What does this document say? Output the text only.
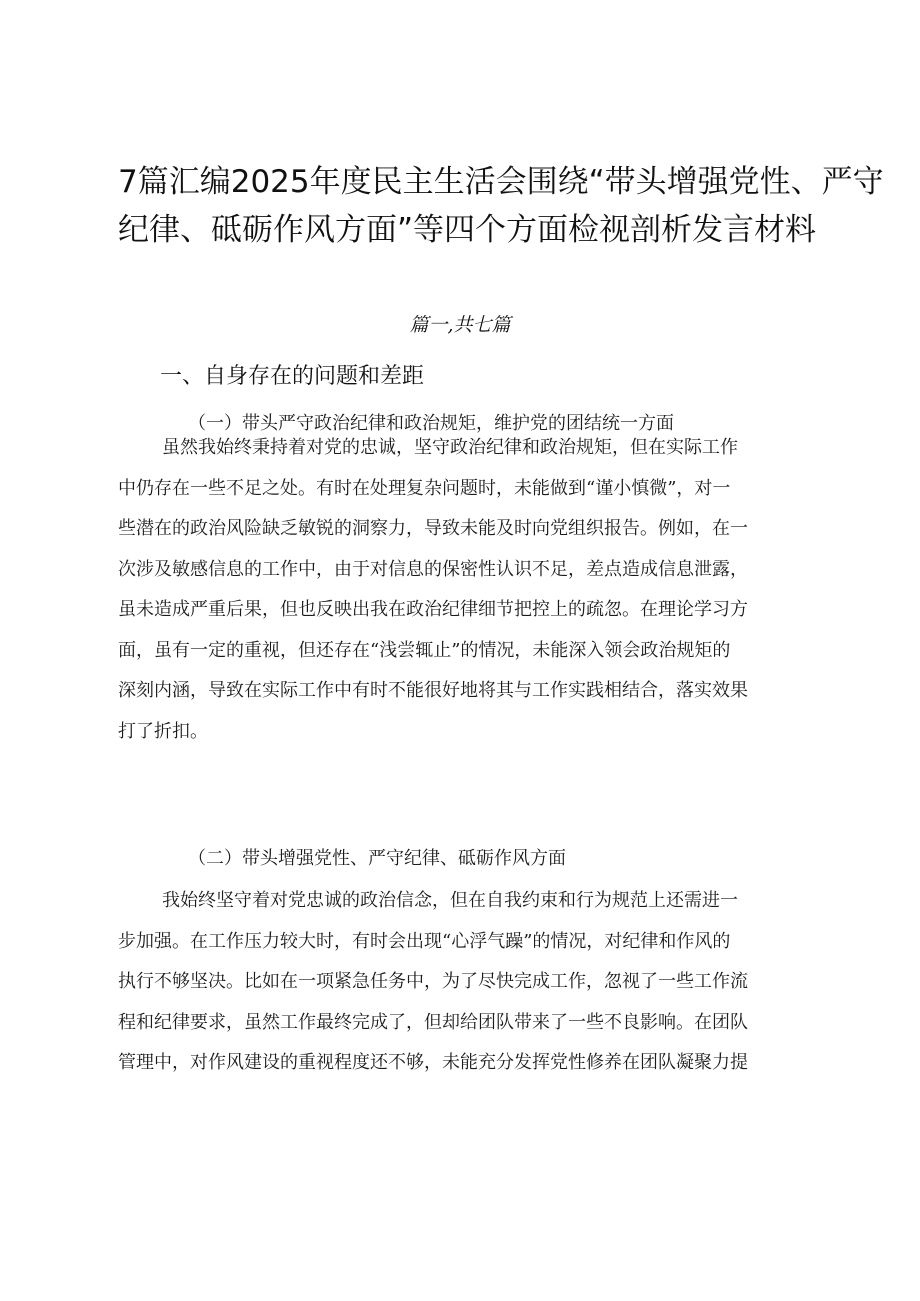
7篇汇编2025年度民主生活会围绕“带头增强党性、严守
纪律、砥砺作风方面”等四个方面检视剖析发言材料
篇一,共七篇
一、自身存在的问题和差距
（一）带头严守政治纪律和政治规矩，维护党的团结统一方面
虽然我始终秉持着对党的忠诚，坚守政治纪律和政治规矩，但在实际工作
中仍存在一些不足之处。有时在处理复杂问题时，未能做到“谨小慎微”，对一
些潜在的政治风险缺乏敏锐的洞察力，导致未能及时向党组织报告。例如，在一
次涉及敏感信息的工作中，由于对信息的保密性认识不足，差点造成信息泄露，
虽未造成严重后果，但也反映出我在政治纪律细节把控上的疏忽。在理论学习方
面，虽有一定的重视，但还存在“浅尝辄止”的情况，未能深入领会政治规矩的
深刻内涵，导致在实际工作中有时不能很好地将其与工作实践相结合，落实效果
打了折扣。
（二）带头增强党性、严守纪律、砥砺作风方面
我始终坚守着对党忠诚的政治信念，但在自我约束和行为规范上还需进一
步加强。在工作压力较大时，有时会出现“心浮气躁”的情况，对纪律和作风的
执行不够坚决。比如在一项紧急任务中，为了尽快完成工作，忽视了一些工作流
程和纪律要求，虽然工作最终完成了，但却给团队带来了一些不良影响。在团队
管理中，对作风建设的重视程度还不够，未能充分发挥党性修养在团队凝聚力提
